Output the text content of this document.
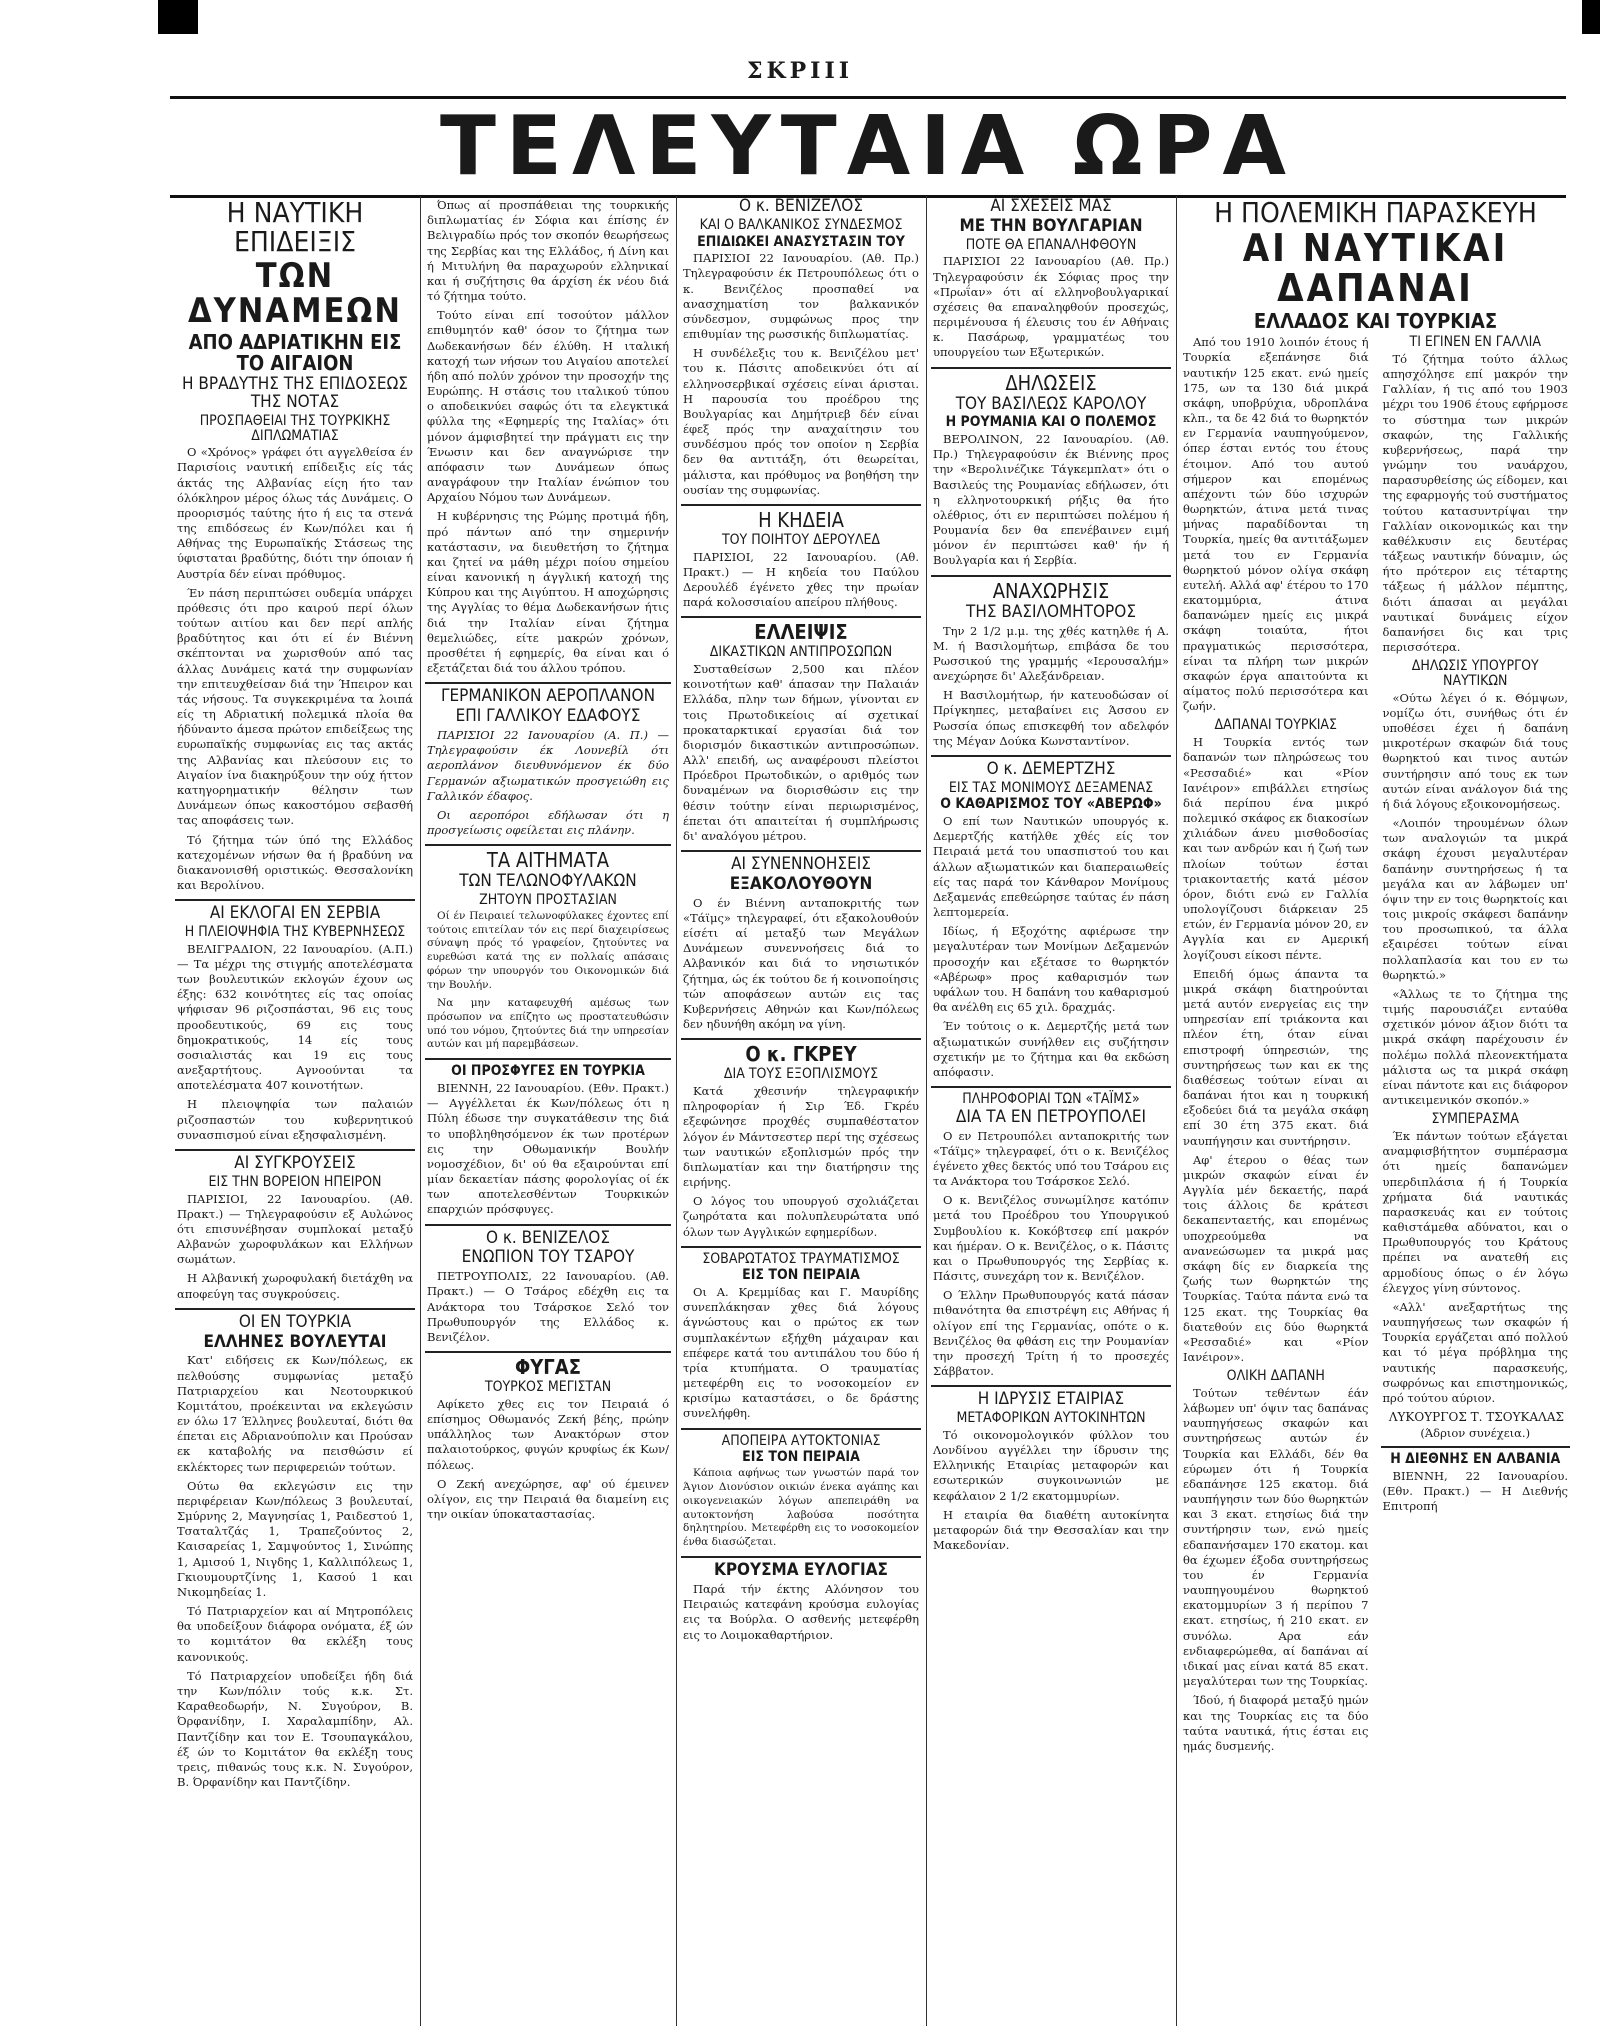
ΣΚΡΙΙΙ
ΤΕΛΕΥΤΑΙΑ ΩΡΑ
Η ΝΑΥΤΙΚΗ ΕΠΙΔΕΙΞΙΣ
ΤΩΝ ΔΥΝΑΜΕΩΝ
ΑΠΟ ΑΔΡΙΑΤΙΚΗΝ ΕΙΣ ΤΟ ΑΙΓΑΙΟΝ
Η ΒΡΑΔΥΤΗΣ ΤΗΣ ΕΠΙΔΟΣΕΩΣ ΤΗΣ ΝΟΤΑΣ
ΠΡΟΣΠΑΘΕΙΑΙ ΤΗΣ ΤΟΥΡΚΙΚΗΣ ΔΙΠΛΩΜΑΤΙΑΣ

Ο «Χρόνος» γράφει ότι αγγελθείσα έν Παρισίοις ναυτική επίδειξις είς τάς άκτάς της Αλβανίας είςη ήτο ταν όλόκληρον μέρος όλως τάς Δυνάμεις. Ο προορισμός ταύτης ήτο ή εις τα στενά της επιδόσεως έν Κων/πόλει και ή Αθήνας της Ευρωπαϊκής Στάσεως της ύφισταται βραδύτης, διότι την όποιαν ή Αυστρία δέν είναι πρόθυμος.

Έν πάση περιπτώσει ουδεμία υπάρχει πρόθεσις ότι προ καιρού περί όλων τούτων αιτίου και δεν περί απλής βραδύτητος και ότι εί έν Βιέννη σκέπτονται να χωρισθούν από τας άλλας Δυνάμεις κατά την συμφωνίαν την επιτευχθείσαν διά την Ήπειρον και τάς νήσους. Τα συγκεκριμένα τα λοιπά είς τη Αδριατική πολεμικά πλοία θα ήδύναντο άμεσα πρώτον επιδείξεως της ευρωπαϊκής συμφωνίας εις τας ακτάς της Αλβανίας και πλεύσουν εις το Αιγαίον ίνα διακηρύξουν την ούχ ήττον κατηγορηματικήν θέλησιν των Δυνάμεων όπως κακοστόμου σεβασθή τας αποφάσεις των.

Τό ζήτημα τών ύπό της Ελλάδος κατεχομένων νήσων θα ή βραδύνη να διακανονισθή οριστικώς. Θεσσαλονίκη και Βερολίνου.

ΑΙ ΕΚΛΟΓΑΙ ΕΝ ΣΕΡΒΙΑ
Η ΠΛΕΙΟΨΗΦΙΑ ΤΗΣ ΚΥΒΕΡΝΗΣΕΩΣ

ΒΕΛΙΓΡΑΔΙΟΝ, 22 Ιανουαρίου. (Α.Π.) — Τα μέχρι της στιγμής αποτελέσματα των βουλευτικών εκλογών έχουν ως έξης: 632 κοινότητες είς τας οποίας ψήφισαν 96 ριζοσπάσται, 96 εις τους προοδευτικούς, 69 εις τους δημοκρατικούς, 14 είς τους σοσιαλιστάς και 19 εις τους ανεξαρτήτους. Αγνοούνται τα αποτελέσματα 407 κοινοτήτων.

Η πλειοψηφία των παλαιών ριζοσπαστών του κυβερνητικού συνασπισμού είναι εξησφαλισμένη.

ΑΙ ΣΥΓΚΡΟΥΣΕΙΣ
ΕΙΣ ΤΗΝ ΒΟΡΕΙΟΝ ΗΠΕΙΡΟΝ

ΠΑΡΙΣΙΟΙ, 22 Ιανουαρίου. (Αθ. Πρακτ.) — Τηλεγραφούσιν εξ Αυλώνος ότι επισυνέβησαν συμπλοκαί μεταξύ Αλβανών χωροφυλάκων και Ελλήνων σωμάτων.

Η Αλβανική χωροφυλακή διετάχθη να αποφεύγη τας συγκρούσεις.

ΟΙ ΕΝ ΤΟΥΡΚΙΑ
ΕΛΛΗΝΕΣ ΒΟΥΛΕΥΤΑΙ

Κατ' ειδήσεις εκ Κων/πόλεως, εκ πελθούσης συμφωνίας μεταξύ Πατριαρχείου και Νεοτουρκικού Κομιτάτου, προέκεινται να εκλεγώσιν εν όλω 17 Έλληνες βουλευταί, διότι θα έπεται εις Αδριανούπολιν και Προύσαν εκ καταβολής να πεισθώσιν εί εκλέκτορες των περιφερειών τούτων.

Ούτω θα εκλεγώσιν εις την περιφέρειαν Κων/πόλεως 3 βουλευταί, Σμύρνης 2, Μαγνησίας 1, Ραιδεστού 1, Τσαταλτζάς 1, Τραπεζούντος 2, Καισαρείας 1, Σαμψούντος 1, Σινώπης 1, Αμισού 1, Νιγδης 1, Καλλιπόλεως 1, Γκιουμουρτζίνης 1, Κασού 1 και Νικομηδείας 1.

Τό Πατριαρχείον και αί Μητροπόλεις θα υποδείξουν διάφορα ονόματα, έξ ών το κομιτάτον θα εκλέξη τους κανονικούς.

Τό Πατριαρχείον υποδείξει ήδη διά την Κων/πόλιν τούς κ.κ. Στ. Καραθεοδωρήν, Ν. Συγούρον, Β. Όρφανίδην, Ι. Χαραλαμπίδην, Αλ. Παντζίδην και τον Ε. Τσουπαγκάλου, έξ ών το Κομιτάτον θα εκλέξη τους τρεις, πιθανώς τους κ.κ. Ν. Συγούρον, Β. Όρφανίδην και Παντζίδην.

Όπως αί προσπάθειαι της τουρκικής διπλωματίας έν Σόφια και έπίσης έν Βελιγραδίω πρός τον σκοπόν θεωρήσεως της Σερβίας και της Ελλάδος, ή Δίνη και ή Μιτυλήνη θα παραχωρούν ελληνικαί και ή συζήτησις θα άρχίση έκ νέου διά τό ζήτημα τούτο.

Τούτο είναι επί τοσούτον μάλλον επιθυμητόν καθ' όσον το ζήτημα των Δωδεκανήσων δέν έλύθη. Η ιταλική κατοχή των νήσων του Αιγαίου αποτελεί ήδη από πολύν χρόνον την προσοχήν της Ευρώπης. Η στάσις του ιταλικού τύπου ο αποδεικνύει σαφώς ότι τα ελεγκτικά φύλλα της «Εφημερίς της Ιταλίας» ότι μόνον άμφισβητεί την πράγματι εις την Ένωσιν και δεν αναγνώρισε την απόφασιν των Δυνάμεων όπως αναγράφουν την Ιταλίαν ένώπιον του Αρχαίου Νόμου των Δυνάμεων.

Η κυβέρνησις της Ρώμης προτιμά ήδη, πρό πάντων από την σημερινήν κατάστασιν, να διευθετήση το ζήτημα και ζητεί να μάθη μέχρι ποίου σημείου είναι κανονική η άγγλική κατοχή της Κύπρου και της Αιγύπτου. Η αποχώρησις της Αγγλίας το θέμα Δωδεκανήσων ήτις διά την Ιταλίαν είναι ζήτημα θεμελιώδες, είτε μακρών χρόνων, προσθέτει ή εφημερίς, θα είναι και ό εξετάζεται διά του άλλου τρόπου.

ΓΕΡΜΑΝΙΚΟΝ ΑΕΡΟΠΛΑΝΟΝ
ΕΠΙ ΓΑΛΛΙΚΟΥ ΕΔΑΦΟΥΣ

ΠΑΡΙΣΙΟΙ 22 Ιανουαρίου (Α. Π.) — Τηλεγραφούσιν έκ Λουνεβίλ ότι αεροπλάνον διευθυνόμενον έκ δύο Γερμανών αξιωματικών προσγειώθη εις Γαλλικόν έδαφος.

Οι αεροπόροι εδήλωσαν ότι η προσγείωσις οφείλεται εις πλάνην.

ΤΑ ΑΙΤΗΜΑΤΑ
ΤΩΝ ΤΕΛΩΝΟΦΥΛΑΚΩΝ
ΖΗΤΟΥΝ ΠΡΟΣΤΑΣΙΑΝ

Οί έν Πειραιεί τελωνοφύλακες έχοντες επί τούτοις επιτείλαν τόν εις περί διαχειρίσεως σύναψη πρός τό γραφείον, ζητούντες να ευρεθώσι κατά της εν πολλαίς απάσαις φόρων την υπουργόν του Οικονομικών διά την Βουλήν.

Να μην καταφευχθή αμέσως των πρόσωπον να επίζητο ως προστατευθώσιν υπό του νόμου, ζητούντες διά την υπηρεσίαν αυτών και μή παρεμβάσεων.

ΟΙ ΠΡΟΣΦΥΓΕΣ ΕΝ ΤΟΥΡΚΙΑ

ΒΙΕΝΝΗ, 22 Ιανουαρίου. (Εθν. Πρακτ.) — Αγγέλλεται έκ Κων/πόλεως ότι η Πύλη έδωσε την συγκατάθεσιν της διά το υποβληθησόμενον έκ των προτέρων εις την Οθωμανικήν Βουλήν νομοσχέδιον, δι' ού θα εξαιρούνται επί μίαν δεκαετίαν πάσης φορολογίας οί έκ των αποτελεσθέντων Τουρκικών επαρχιών πρόσφυγες.

Ο κ. ΒΕΝΙΖΕΛΟΣ
ΕΝΩΠΙΟΝ ΤΟΥ ΤΣΑΡΟΥ

ΠΕΤΡΟΥΠΟΛΙΣ, 22 Ιανουαρίου. (Αθ. Πρακτ.) — Ο Τσάρος εδέχθη εις τα Ανάκτορα του Τσάρσκοε Σελό τον Πρωθυπουργόν της Ελλάδος κ. Βενιζέλον.

ΦΥΓΑΣ
ΤΟΥΡΚΟΣ ΜΕΓΙΣΤΑΝ

Αφίκετο χθες εις τον Πειραιά ό επίσημος Οθωμανός Ζεκή βέης, πρώην υπάλληλος των Ανακτόρων στον παλαιοτούρκος, φυγών κρυφίως έκ Κων/πόλεως.

Ο Ζεκή ανεχώρησε, αφ' ού έμεινεν ολίγον, εις την Πειραιά θα διαμείνη εις την οικίαν ύποκαταστασίας.

Ο κ. ΒΕΝΙΖΕΛΟΣ
ΚΑΙ Ο ΒΑΛΚΑΝΙΚΟΣ ΣΥΝΔΕΣΜΟΣ
ΕΠΙΔΙΩΚΕΙ ΑΝΑΣΥΣΤΑΣΙΝ ΤΟΥ

ΠΑΡΙΣΙΟΙ 22 Ιανουαρίου. (Αθ. Πρ.) Τηλεγραφούσιν έκ Πετρουπόλεως ότι ο κ. Βενιζέλος προσπαθεί να ανασχηματίση τον βαλκανικόν σύνδεσμον, συμφώνως προς την επιθυμίαν της ρωσσικής διπλωματίας.

Η συνδέλεξις του κ. Βενιζέλου μετ' του κ. Πάσιτς αποδεικνύει ότι αί ελληνοσερβικαί σχέσεις είναι άρισται. Η παρουσία του προέδρου της Βουλγαρίας και Δημήτριεβ δέν είναι έφεξ πρός την αναχαίτησιν του συνδέσμου πρός τον οποίον η Σερβία δεν θα αντιτάξη, ότι θεωρείται, μάλιστα, και πρόθυμος να βοηθήση την ουσίαν της συμφωνίας.

Η ΚΗΔΕΙΑ
ΤΟΥ ΠΟΙΗΤΟΥ ΔΕΡΟΥΛΕΔ

ΠΑΡΙΣΙΟΙ, 22 Ιανουαρίου. (Αθ. Πρακτ.) — Η κηδεία του Παύλου Δερουλέδ έγένετο χθες την πρωίαν παρά κολοσσιαίου απείρου πλήθους.

ΕΛΛΕΙΨΙΣ
ΔΙΚΑΣΤΙΚΩΝ ΑΝΤΙΠΡΟΣΩΠΩΝ

Συσταθείσων 2,500 και πλέον κοινοτήτων καθ' άπασαν την Παλαιάν Ελλάδα, πλην των δήμων, γίνονται εν τοις Πρωτοδικείοις αί σχετικαί προκαταρκτικαί εργασίαι διά τον διορισμόν δικαστικών αντιπροσώπων. Αλλ' επειδή, ως αναφέρουσι πλείστοι Πρόεδροι Πρωτοδικών, ο αριθμός των δυναμένων να διορισθώσιν εις την θέσιν τούτην είναι περιωρισμένος, έπεται ότι απαιτείται ή συμπλήρωσις δι' αναλόγου μέτρου.

ΑΙ ΣΥΝΕΝΝΟΗΣΕΙΣ
ΕΞΑΚΟΛΟΥΘΟΥΝ

Ο έν Βιέννη ανταποκριτής των «Τάϊμς» τηλεγραφεί, ότι εξακολουθούν είσέτι αί μεταξύ των Μεγάλων Δυνάμεων συνεννοήσεις διά το Αλβανικόν και διά το νησιωτικόν ζήτημα, ώς έκ τούτου δε ή κοινοποίησις τών αποφάσεων αυτών εις τας Κυβερνήσεις Αθηνών και Κων/πόλεως δεν ηδυνήθη ακόμη να γίνη.

Ο κ. ΓΚΡΕΥ
ΔΙΑ ΤΟΥΣ ΕΞΟΠΛΙΣΜΟΥΣ

Κατά χθεσινήν τηλεγραφικήν πληροφορίαν ή Σιρ Έδ. Γκρέυ εξεφώνησε προχθές συμπαθέστατον λόγον έν Μάντσεστερ περί της σχέσεως των ναυτικών εξοπλισμών πρός την διπλωματίαν και την διατήρησιν της ειρήνης.

Ο λόγος του υπουργού σχολιάζεται ζωηρότατα και πολυπλευρώτατα υπό όλων των Αγγλικών εφημερίδων.

ΣΟΒΑΡΩΤΑΤΟΣ ΤΡΑΥΜΑΤΙΣΜΟΣ
ΕΙΣ ΤΟΝ ΠΕΙΡΑΙΑ

Οι Α. Κρεμμίδας και Γ. Μαυρίδης συνεπλάκησαν χθες διά λόγους άγνώστους και ο πρώτος εκ των συμπλακέντων εξήχθη μάχαιραν και επέφερε κατά του αντιπάλου του δύο ή τρία κτυπήματα. Ο τραυματίας μετεφέρθη εις το νοσοκομείον εν κρισίμω καταστάσει, ο δε δράστης συνελήφθη.

ΑΠΟΠΕΙΡΑ ΑΥΤΟΚΤΟΝΙΑΣ
ΕΙΣ ΤΟΝ ΠΕΙΡΑΙΑ

Κάποια αφήνως των γνωστών παρά τον Άγιον Διονύσιον οικιών ένεκα αγάπης και οικογενειακών λόγων απεπειράθη να αυτοκτονήση λαβούσα ποσότητα δηλητηρίου. Μετεφέρθη εις το νοσοκομείον ένθα διασώζεται.

ΚΡΟΥΣΜΑ ΕΥΛΟΓΙΑΣ

Παρά τήν έκτης Αλόνησον του Πειραιώς κατεφάνη κρούσμα ευλογίας εις τα Βούρλα. Ο ασθενής μετεφέρθη εις το Λοιμοκαθαρτήριον.

ΑΙ ΣΧΕΣΕΙΣ ΜΑΣ
ΜΕ ΤΗΝ ΒΟΥΛΓΑΡΙΑΝ
ΠΟΤΕ ΘΑ ΕΠΑΝΑΛΗΦΘΟΥΝ

ΠΑΡΙΣΙΟΙ 22 Ιανουαρίου (Αθ. Πρ.) Τηλεγραφούσιν έκ Σόφιας προς την «Πρωΐαν» ότι αί ελληνοβουλγαρικαί σχέσεις θα επαναληφθούν προσεχώς, περιμένουσα ή έλευσις του έν Αθήναις κ. Πασάρωφ, γραμματέως του υπουργείου των Εξωτερικών.

ΔΗΛΩΣΕΙΣ
ΤΟΥ ΒΑΣΙΛΕΩΣ ΚΑΡΟΛΟΥ
Η ΡΟΥΜΑΝΙΑ ΚΑΙ Ο ΠΟΛΕΜΟΣ

ΒΕΡΟΛΙΝΟΝ, 22 Ιανουαρίου. (Αθ. Πρ.) Τηλεγραφούσιν έκ Βιέννης προς την «Βερολινέζικε Τάγκεμπλατ» ότι ο Βασιλεύς της Ρουμανίας εδήλωσεν, ότι η ελληνοτουρκική ρήξις θα ήτο ολέθριος, ότι εν περιπτώσει πολέμου ή Ρουμανία δεν θα επενέβαινεν ειμή μόνον έν περιπτώσει καθ' ήν ή Βουλγαρία και ή Σερβία.

ΑΝΑΧΩΡΗΣΙΣ
ΤΗΣ ΒΑΣΙΛΟΜΗΤΟΡΟΣ

Την 2 1/2 μ.μ. της χθές κατηλθε ή Α. Μ. ή Βασιλομήτωρ, επιβάσα δε του Ρωσσικού της γραμμής «Ιερουσαλήμ» ανεχώρησε δι' Αλεξάνδρειαν.

Η Βασιλομήτωρ, ήν κατευοδώσαν οί Πρίγκηπες, μεταβαίνει εις Άσσου εν Ρωσσία όπως επισκεφθή τον αδελφόν της Μέγαν Δούκα Κωνσταντίνον.

Ο κ. ΔΕΜΕΡΤΖΗΣ
ΕΙΣ ΤΑΣ ΜΟΝΙΜΟΥΣ ΔΕΞΑΜΕΝΑΣ
Ο ΚΑΘΑΡΙΣΜΟΣ ΤΟΥ «ΑΒΕΡΩΦ»

Ο επί των Ναυτικών υπουργός κ. Δεμερτζής κατήλθε χθές είς τον Πειραιά μετά του υπασπιστού του και άλλων αξιωματικών και διαπεραιωθείς είς τας παρά τον Κάνθαρον Μονίμους Δεξαμενάς επεθεώρησε ταύτας έν πάση λεπτομερεία.

Ιδίως, ή Εξοχότης αφιέρωσε την μεγαλυτέραν των Μονίμων Δεξαμενών προσοχήν και εξέτασε το θωρηκτόν «Αβέρωφ» προς καθαρισμόν των υφάλων του. Η δαπάνη του καθαρισμού θα ανέλθη εις 65 χιλ. δραχμάς.

Έν τούτοις ο κ. Δεμερτζής μετά των αξιωματικών συνήλθεν εις συζήτησιν σχετικήν με το ζήτημα και θα εκδώση απόφασιν.

ΠΛΗΡΟΦΟΡΙΑΙ ΤΩΝ «ΤΑΪΜΣ»
ΔΙΑ ΤΑ ΕΝ ΠΕΤΡΟΥΠΟΛΕΙ

Ο εν Πετρουπόλει ανταποκριτής των «Τάϊμς» τηλεγραφεί, ότι ο κ. Βενιζέλος έγένετο χθες δεκτός υπό του Τσάρου εις τα Ανάκτορα του Τσάρσκοε Σελό.

Ο κ. Βενιζέλος συνωμίλησε κατόπιν μετά του Προέδρου του Υπουργικού Συμβουλίου κ. Κοκόβτσεφ επί μακρόν και ήμέραν. Ο κ. Βενιζέλος, ο κ. Πάσιτς και ο Πρωθυπουργός της Σερβίας κ. Πάσιτς, συνεχάρη τον κ. Βενιζέλον.

Ο Έλλην Πρωθυπουργός κατά πάσαν πιθανότητα θα επιστρέψη εις Αθήνας ή ολίγον επί της Γερμανίας, οπότε ο κ. Βενιζέλος θα φθάση εις την Ρουμανίαν την προσεχή Τρίτη ή το προσεχές Σάββατον.

Η ΙΔΡΥΣΙΣ ΕΤΑΙΡΙΑΣ
ΜΕΤΑΦΟΡΙΚΩΝ ΑΥΤΟΚΙΝΗΤΩΝ

Τό οικονομολογικόν φύλλον του Λονδίνου αγγέλλει την ίδρυσιν της Ελληνικής Εταιρίας μεταφορών και εσωτερικών συγκοινωνιών με κεφάλαιον 2 1/2 εκατομμυρίων.

Η εταιρία θα διαθέτη αυτοκίνητα μεταφορών διά την Θεσσαλίαν και την Μακεδονίαν.

Η ΠΟΛΕΜΙΚΗ ΠΑΡΑΣΚΕΥΗ
ΑΙ ΝΑΥΤΙΚΑΙ ΔΑΠΑΝΑΙ
ΕΛΛΑΔΟΣ ΚΑΙ ΤΟΥΡΚΙΑΣ

Από του 1910 λοιπόν έτους ή Τουρκία εξεπάνησε διά ναυτικήν 125 εκατ. ενώ ημείς 175, ων τα 130 διά μικρά σκάφη, υποβρύχια, υδροπλάνα κλπ., τα δε 42 διά το θωρηκτόν εν Γερμανία ναυπηγούμενον, όπερ έσται εντός του έτους έτοιμον. Από του αυτού σήμερον και επομένως απέχοντι τών δύο ισχυρών θωρηκτών, άτινα μετά τινας μήνας παραδίδονται τη Τουρκία, ημείς θα αντιτάξωμεν μετά του εν Γερμανία θωρηκτού μόνον ολίγα σκάφη ευτελή. Αλλά αφ' έτέρου το 170 εκατομμύρια, άτινα δαπανώμεν ημείς εις μικρά σκάφη τοιαύτα, ήτοι πραγματικώς περισσότερα, είναι τα πλήρη των μικρών σκαφών έργα απαιτούντα κι αίματος πολύ περισσότερα και ζωήν.

ΔΑΠΑΝΑΙ ΤΟΥΡΚΙΑΣ

Η Τουρκία εντός των δαπανών των πληρώσεως του «Ρεσσαδιέ» και «Ρίον Ιανέιρον» επιβάλλει ετησίως διά περίπου ένα μικρό πολεμικό σκάφος εκ διακοσίων χιλιάδων άνευ μισθοδοσίας και των ανδρών και ή ζωή των πλοίων τούτων έσται τριακονταετής κατά μέσον όρον, διότι ενώ εν Γαλλία υπολογίζουσι διάρκειαν 25 ετών, έν Γερμανία μόνον 20, εν Αγγλία και εν Αμερική λογίζουσι είκοσι πέντε.

Επειδή όμως άπαντα τα μικρά σκάφη διατηρούνται μετά αυτόν ενεργείας εις την υπηρεσίαν επί τριάκοντα και πλέον έτη, όταν είναι επιστροφή ύπηρεσιών, της συντηρήσεως των και εκ της διαθέσεως τούτων είναι αι δαπάναι ήτοι και η τουρκική εξοδεύει διά τα μεγάλα σκάφη επί 30 έτη 375 εκατ. διά ναυπήγησιν και συντήρησιν.

Αφ' έτερου ο θέας των μικρών σκαφών είναι έν Αγγλία μέν δεκαετής, παρά τοις άλλοις δε κράτεσι δεκαπενταετής, και επομένως υποχρεούμεθα να ανανεώσωμεν τα μικρά μας σκάφη δίς εν διαρκεία της ζωής των θωρηκτών της Τουρκίας. Ταύτα πάντα ενώ τα 125 εκατ. της Τουρκίας θα διατεθούν εις δύο θωρηκτά «Ρεσσαδιέ» και «Ρίον Ιανέιρον».

ΟΛΙΚΗ ΔΑΠΑΝΗ

Τούτων τεθέντων έάν λάβωμεν υπ' όψιν τας δαπάνας ναυπηγήσεως σκαφών και συντηρήσεως αυτών έν Τουρκία και Ελλάδι, δέν θα εύρωμεν ότι ή Τουρκία εδαπάνησε 125 εκατομ. διά ναυπήγησιν των δύο θωρηκτών και 3 εκατ. ετησίως διά την συντήρησιν των, ενώ ημείς εδαπανήσαμεν 170 εκατομ. και θα έχωμεν έξοδα συντηρήσεως του έν Γερμανία ναυπηγουμένου θωρηκτού εκατομμυρίων 3 ή περίπου 7 εκατ. ετησίως, ή 210 εκατ. εν συνόλω. Αρα εάν ενδιαφερώμεθα, αί δαπάναι αί ιδικαί μας είναι κατά 85 εκατ. μεγαλύτεραι των της Τουρκίας.

Ίδού, ή διαφορά μεταξύ ημών και της Τουρκίας εις τα δύο ταύτα ναυτικά, ήτις έσται εις ημάς δυσμενής.

ΤΙ ΕΓΙΝΕΝ ΕΝ ΓΑΛΛΙΑ

Τό ζήτημα τούτο άλλως απησχόλησε επί μακρόν την Γαλλίαν, ή τις από του 1903 μέχρι του 1906 έτους εφήρμοσε το σύστημα των μικρών σκαφών, της Γαλλικής κυβερνήσεως, παρά την γνώμην του ναυάρχου, παρασυρθείσης ώς είδομεν, και της εφαρμογής τού συστήματος τούτου κατασυντρίψαι την Γαλλίαν οικονομικώς και την καθέλκυσιν εις δευτέρας τάξεως ναυτικήν δύναμιν, ώς ήτο πρότερον εις τέταρτης τάξεως ή μάλλον πέμπτης, διότι άπασαι αι μεγάλαι ναυτικαί δυνάμεις είχον δαπανήσει δις και τρις περισσότερα.

ΔΗΛΩΣΙΣ ΥΠΟΥΡΓΟΥ ΝΑΥΤΙΚΩΝ

«Ούτω λέγει ό κ. Θόμψων, νομίζω ότι, συνήθως ότι έν υποθέσει έχει ή δαπάνη μικροτέρων σκαφών διά τους θωρηκτού και τινος αυτών συντήρησιν από τους εκ των αυτών είναι ανάλογον διά της ή διά λόγους εξοικονομήσεως.

«Λοιπόν τηρουμένων όλων των αναλογιών τα μικρά σκάφη έχουσι μεγαλυτέραν δαπάνην συντηρήσεως ή τα μεγάλα και αν λάβωμεν υπ' όψιν την εν τοις θωρηκτοίς και τοις μικροίς σκάφεσι δαπάνην του προσωπικού, τα άλλα εξαιρέσει τούτων είναι πολλαπλασία και του εν τω θωρηκτώ.»

«Άλλως τε το ζήτημα της τιμής παρουσιάζει ενταύθα σχετικόν μόνον άξιον διότι τα μικρά σκάφη παρέχουσιν έν πολέμω πολλά πλεονεκτήματα μάλιστα ως τα μικρά σκάφη είναι πάντοτε και εις διάφορον αντικειμενικόν σκοπόν.»

ΣΥΜΠΕΡΑΣΜΑ

Έκ πάντων τούτων εξάγεται αναμφισβήτητον συμπέρασμα ότι ημείς δαπανώμεν υπερδιπλάσια ή ή Τουρκία χρήματα διά ναυτικάς παρασκευάς και εν τούτοις καθιστάμεθα αδύνατοι, και ο Πρωθυπουργός του Κράτους πρέπει να ανατεθή εις αρμοδίους όπως ο έν λόγω έλεγχος γίνη σύντονος.

«Αλλ' ανεξαρτήτως της ναυπηγήσεως των σκαφών ή Τουρκία εργάζεται από πολλού και τό μέγα πρόβλημα της ναυτικής παρασκευής, σωφρόνως και επιστημονικώς, πρό τούτου αύριον.

ΛΥΚΟΥΡΓΟΣ Τ. ΤΣΟΥΚΑΛΑΣ
(Άδριον συνέχεια.)
Η ΔΙΕΘΝΗΣ ΕΝ ΑΛΒΑΝΙΑ

ΒΙΕΝΝΗ, 22 Ιανουαρίου. (Εθν. Πρακτ.) — Η Διεθνής Επιτροπή
